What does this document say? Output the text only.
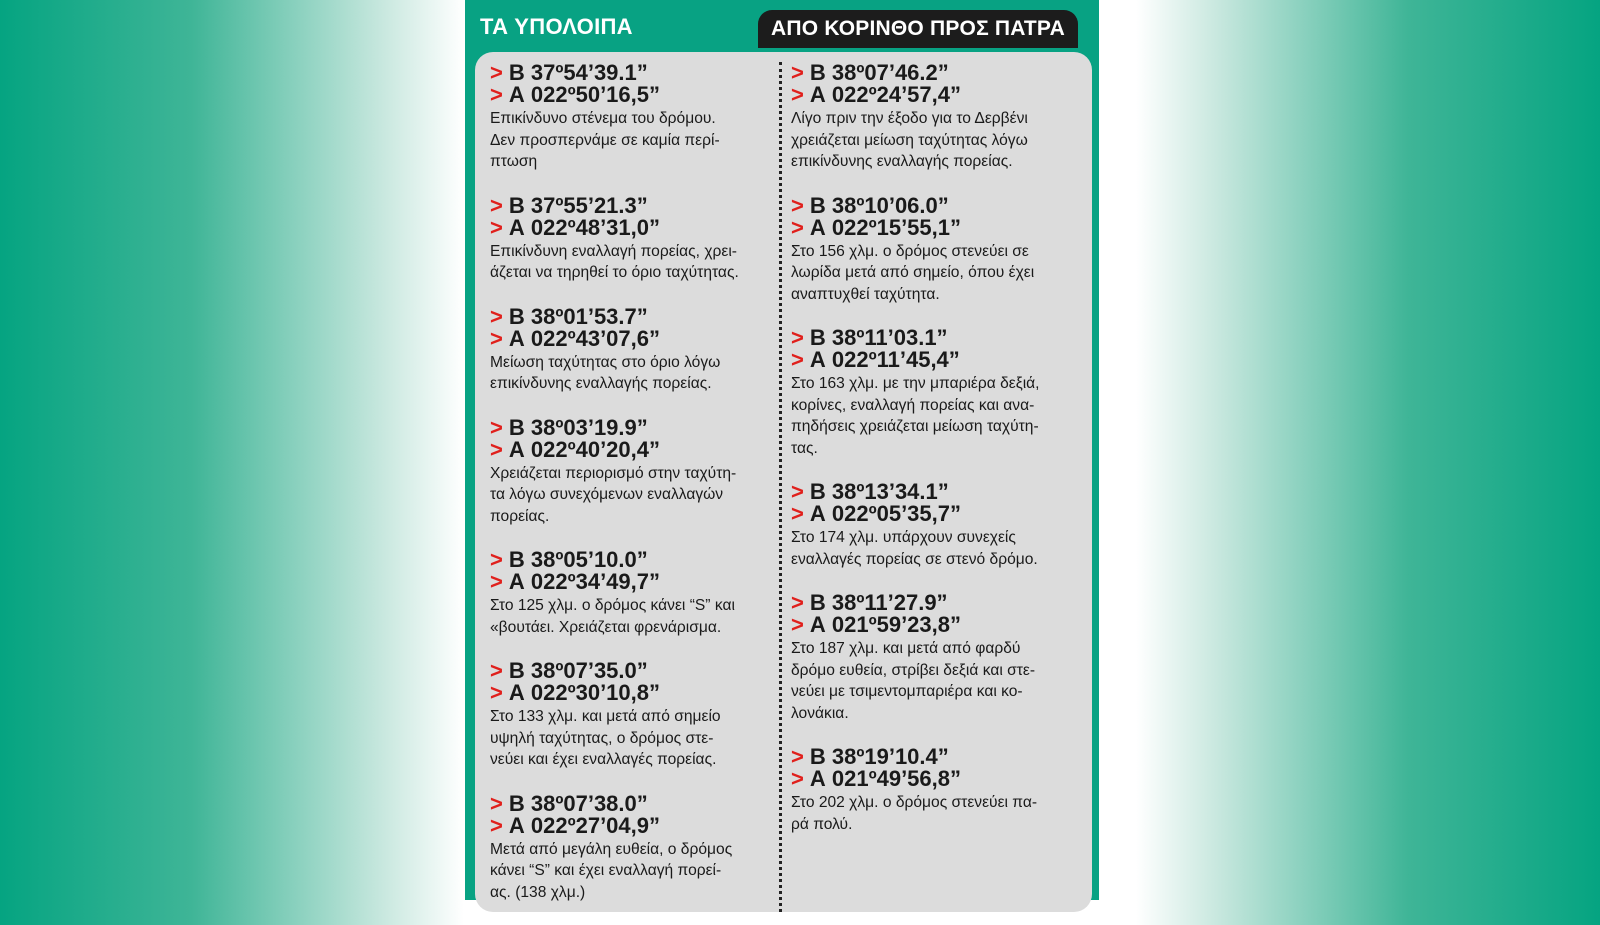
ΤΑ ΥΠΟΛΟΙΠΑ	ΑΠΟ ΚΟΡΙΝΘΟ ΠΡΟΣ ΠΑΤΡΑ
> Β 37º54’39.1”
> Α 022º50’16,5”
Επικίνδυνο στένεμα του δρόμου.
Δεν προσπερνάμε σε καμία περί-
πτωση
> Β 37º55’21.3”
> Α 022º48’31,0”
Επικίνδυνη εναλλαγή πορείας, χρει-
άζεται να τηρηθεί το όριο ταχύτητας.
> Β 38º01’53.7”
> Α 022º43’07,6”
Μείωση ταχύτητας στο όριο λόγω
επικίνδυνης εναλλαγής πορείας.
> Β 38º03’19.9”
> Α 022º40’20,4”
Χρειάζεται περιορισμό στην ταχύτη-
τα λόγω συνεχόμενων εναλλαγών
πορείας.
> Β 38º05’10.0”
> Α 022º34’49,7”
Στο 125 χλμ. ο δρόμος κάνει “S” και
«βουτάει. Χρειάζεται φρενάρισμα.
> Β 38º07’35.0”
> Α 022º30’10,8”
Στο 133 χλμ. και μετά από σημείο
υψηλή ταχύτητας, ο δρόμος στε-
νεύει και έχει εναλλαγές πορείας.
> Β 38º07’38.0”
> Α 022º27’04,9”
Μετά από μεγάλη ευθεία, ο δρόμος
κάνει “S” και έχει εναλλαγή πορεί-
ας. (138 χλμ.)
> Β 38º07’46.2”
> Α 022º24’57,4”
Λίγο πριν την έξοδο για το Δερβένι
χρειάζεται μείωση ταχύτητας λόγω
επικίνδυνης εναλλαγής πορείας.
> Β 38º10’06.0”
> Α 022º15’55,1”
Στο 156 χλμ. ο δρόμος στενεύει σε
λωρίδα μετά από σημείο, όπου έχει
αναπτυχθεί ταχύτητα.
> Β 38º11’03.1”
> Α 022º11’45,4”
Στο 163 χλμ. με την μπαριέρα δεξιά,
κορίνες, εναλλαγή πορείας και ανα-
πηδήσεις χρειάζεται μείωση ταχύτη-
τας.
> Β 38º13’34.1”
> Α 022º05’35,7”
Στο 174 χλμ. υπάρχουν συνεχείς
εναλλαγές πορείας σε στενό δρόμο.
> Β 38º11’27.9”
> Α 021º59’23,8”
Στο 187 χλμ. και μετά από φαρδύ
δρόμο ευθεία, στρίβει δεξιά και στε-
νεύει με τσιμεντομπαριέρα και κο-
λονάκια.
> Β 38º19’10.4”
> Α 021º49’56,8”
Στο 202 χλμ. ο δρόμος στενεύει πα-
ρά πολύ.
